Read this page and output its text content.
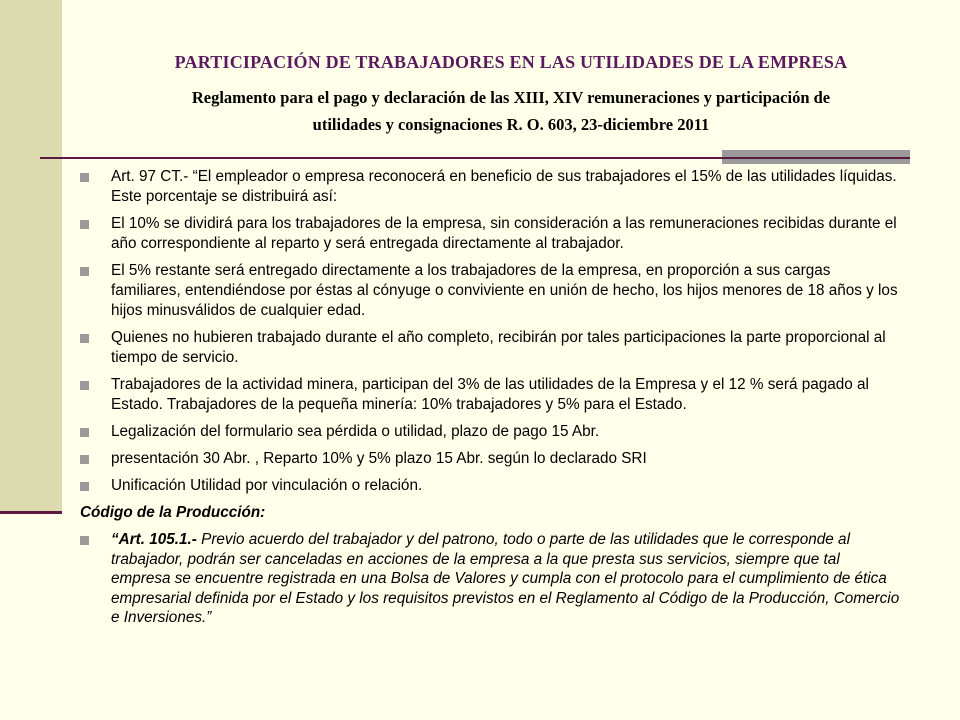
PARTICIPACIÓN DE TRABAJADORES EN LAS UTILIDADES DE LA EMPRESA
Reglamento para el pago y declaración de las XIII, XIV remuneraciones y participación de
utilidades y consignaciones R. O. 603, 23-diciembre 2011
Art. 97 CT.- “El empleador o empresa reconocerá en beneficio de sus trabajadores el 15% de las utilidades líquidas. Este porcentaje se distribuirá así:
El 10% se dividirá para los trabajadores de la empresa, sin consideración a las remuneraciones recibidas durante el año correspondiente al reparto y será entregada directamente al trabajador.
El 5% restante será entregado directamente a los trabajadores de la empresa, en proporción a sus cargas familiares, entendiéndose por éstas al cónyuge o conviviente en unión de hecho, los hijos menores de 18 años y los hijos minusválidos de cualquier edad.
Quienes no hubieren trabajado durante el año completo, recibirán por tales participaciones la parte proporcional al tiempo de servicio.
Trabajadores de la actividad minera, participan del 3% de las utilidades de la Empresa y el 12 % será pagado al Estado. Trabajadores de la pequeña minería: 10% trabajadores y 5% para el Estado.
Legalización del formulario sea pérdida o utilidad, plazo de pago 15 Abr.
presentación 30 Abr. , Reparto 10% y 5% plazo 15 Abr. según lo declarado SRI
Unificación Utilidad por vinculación o relación.
Código de la Producción:
“Art. 105.1.- Previo acuerdo del trabajador y del patrono, todo o parte de las utilidades que le corresponde al trabajador, podrán ser canceladas en acciones de la empresa a la que presta sus servicios, siempre que tal empresa se encuentre registrada en una Bolsa de Valores y cumpla con el protocolo para el cumplimiento de ética empresarial definida por el Estado y los requisitos previstos en el Reglamento al Código de la Producción, Comercio e Inversiones.”
